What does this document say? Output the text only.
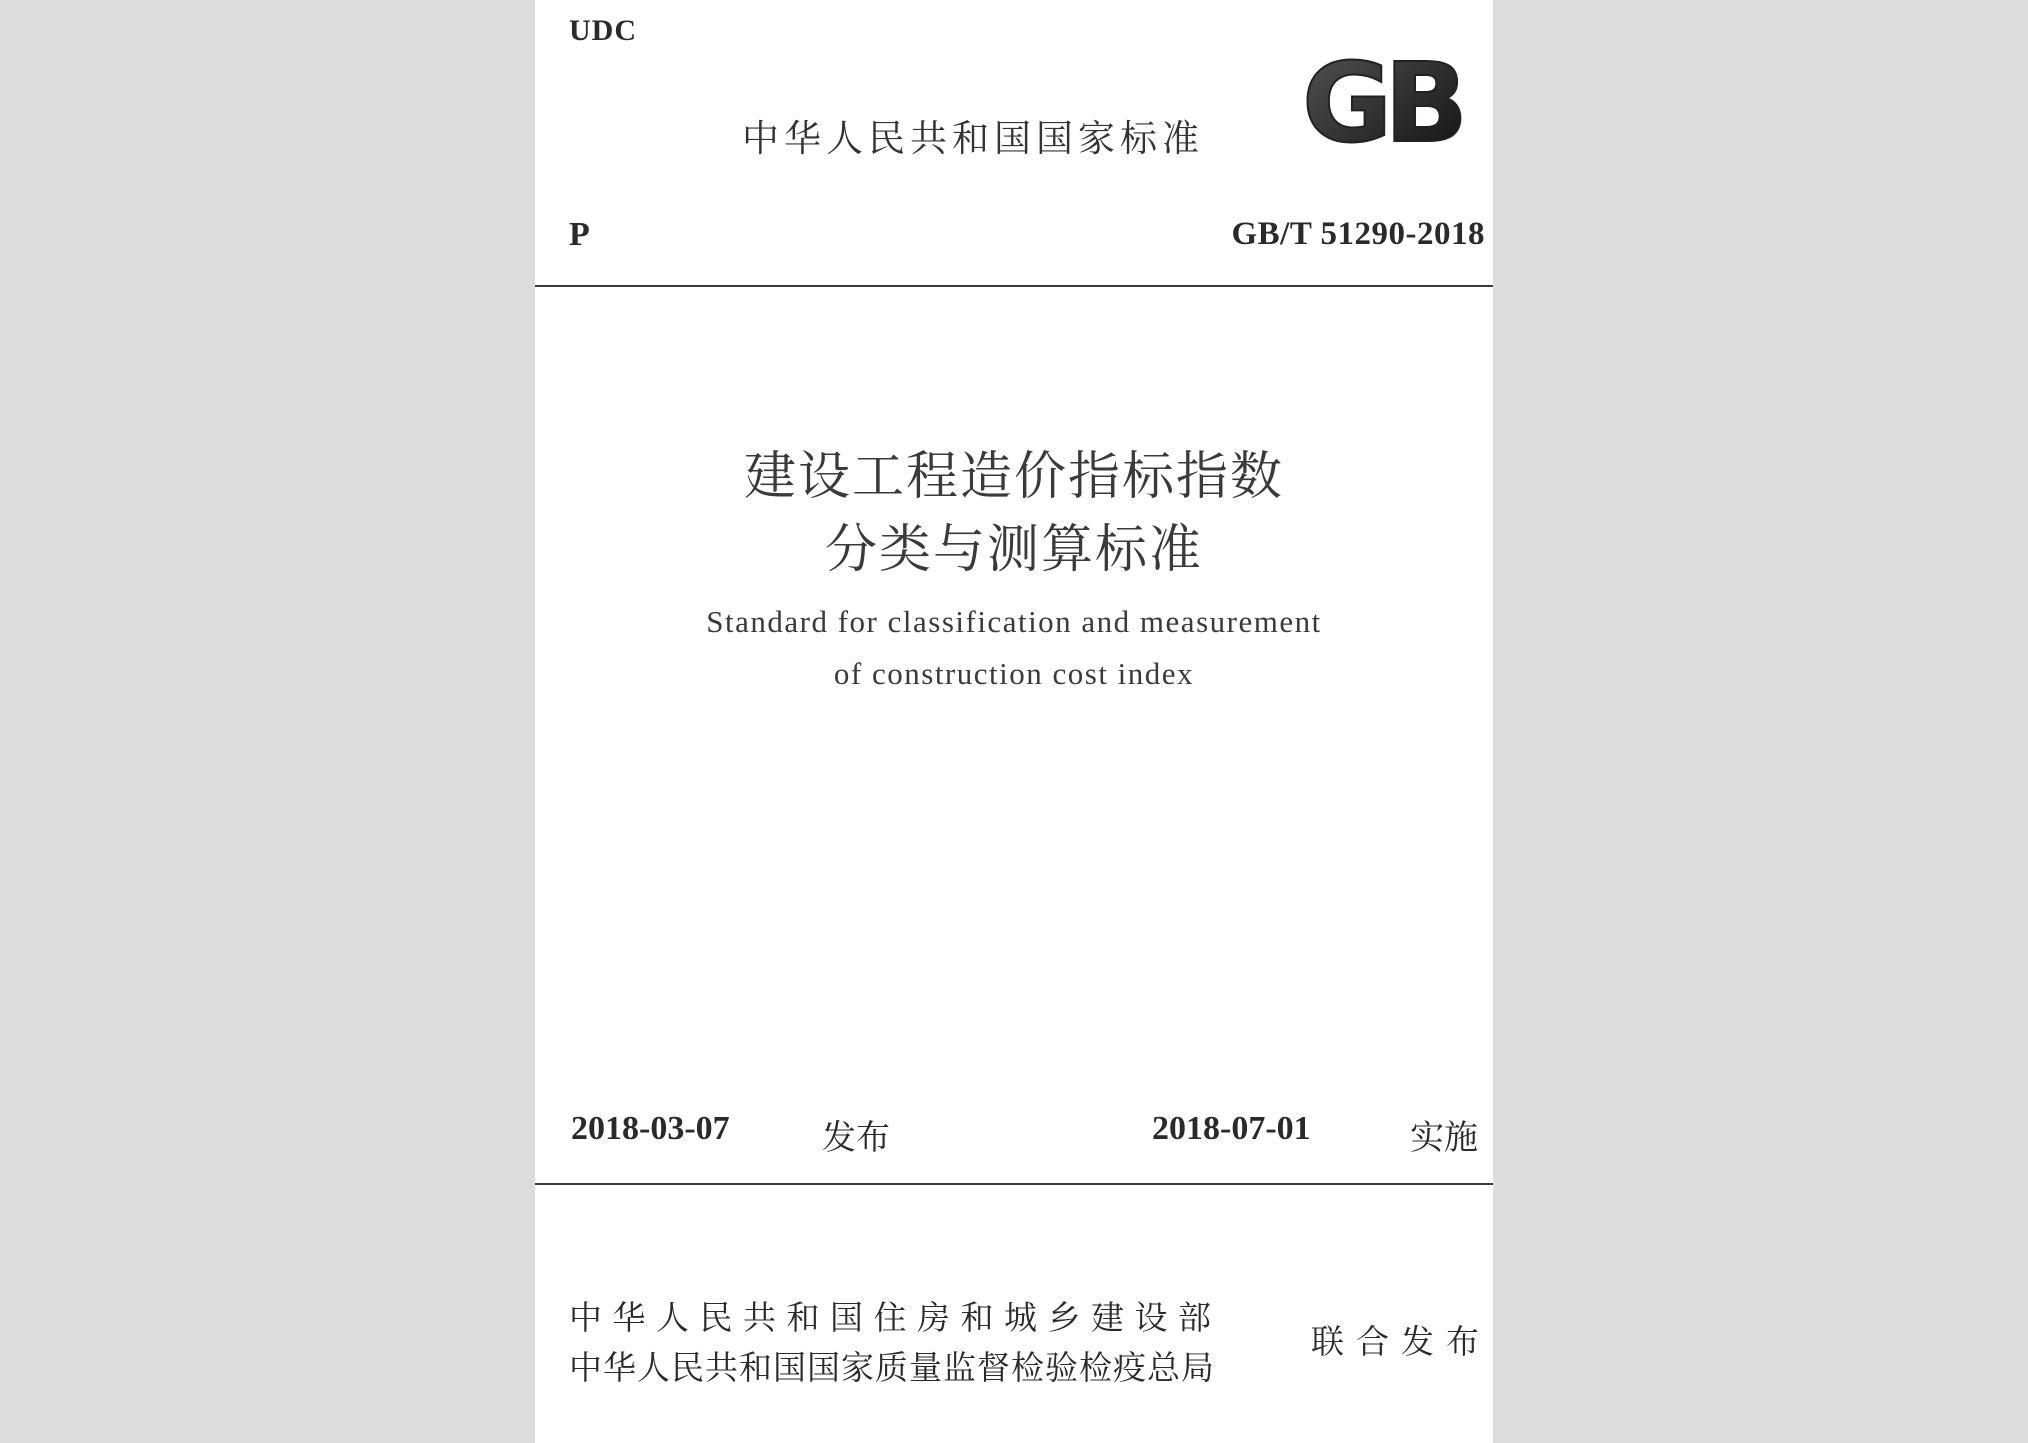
UDC
中华人民共和国国家标准 GB
P	GB/T 51290-2018
建设工程造价指标指数
分类与测算标准
Standard for classification and measurement
of construction cost index
2018-03-07	发布	2018-07-01	实施
中华人民共和国住房和城乡建设部
中华人民共和国国家质量监督检验检疫总局
联合发布
